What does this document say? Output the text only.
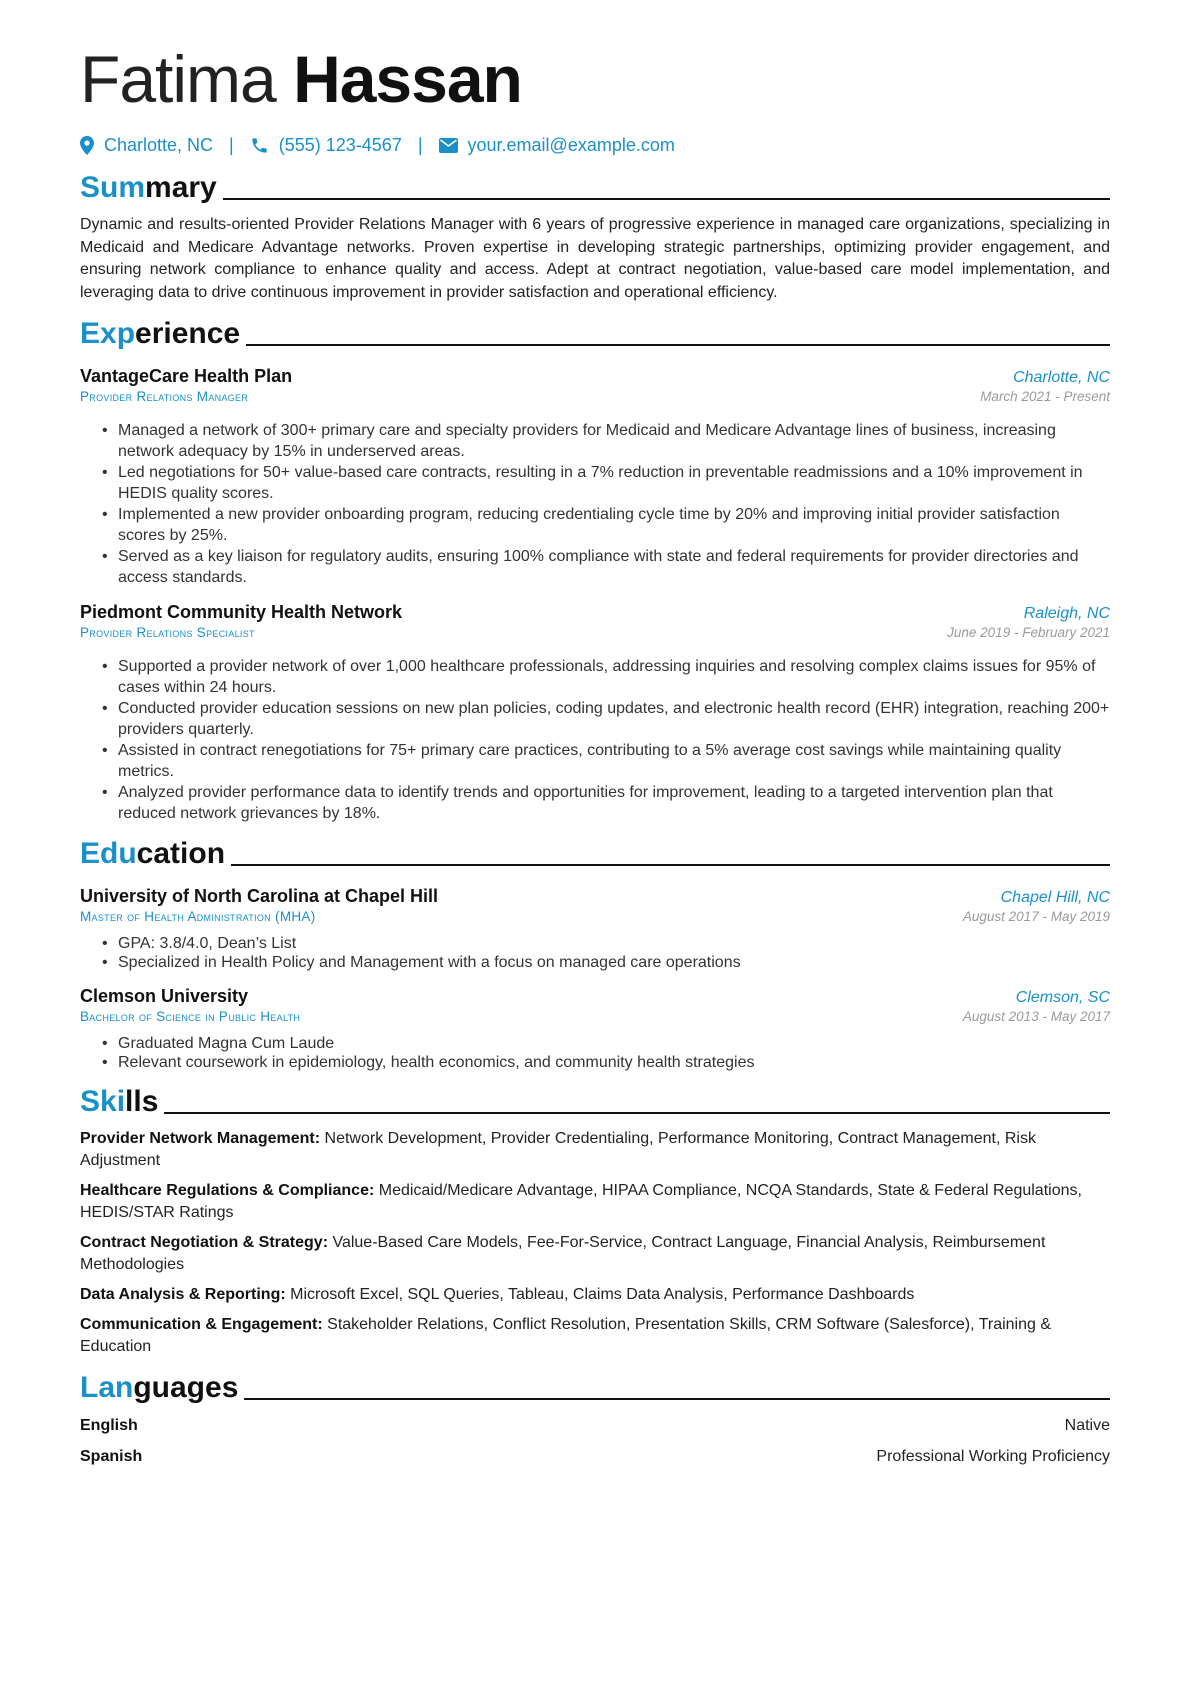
Fatima Hassan
Charlotte, NC |	(555) 123-4567 |	your.email@example.com
Summary
Dynamic and results-oriented Provider Relations Manager with 6 years of progressive experience in managed care organizations, specializing in Medicaid and Medicare Advantage networks. Proven expertise in developing strategic partnerships, optimizing provider engagement, and ensuring network compliance to enhance quality and access. Adept at contract negotiation, value-based care model implementation, and leveraging data to drive continuous improvement in provider satisfaction and operational efficiency.
Experience
VantageCare Health Plan	Charlotte, NC
Provider Relations Manager	March 2021 - Present
• Managed a network of 300+ primary care and specialty providers for Medicaid and Medicare Advantage lines of business, increasing network adequacy by 15% in underserved areas.
• Led negotiations for 50+ value-based care contracts, resulting in a 7% reduction in preventable readmissions and a 10% improvement in HEDIS quality scores.
• Implemented a new provider onboarding program, reducing credentialing cycle time by 20% and improving initial provider satisfaction scores by 25%.
• Served as a key liaison for regulatory audits, ensuring 100% compliance with state and federal requirements for provider directories and access standards.
Piedmont Community Health Network	Raleigh, NC
Provider Relations Specialist	June 2019 - February 2021
• Supported a provider network of over 1,000 healthcare professionals, addressing inquiries and resolving complex claims issues for 95% of cases within 24 hours.
• Conducted provider education sessions on new plan policies, coding updates, and electronic health record (EHR) integration, reaching 200+ providers quarterly.
• Assisted in contract renegotiations for 75+ primary care practices, contributing to a 5% average cost savings while maintaining quality metrics.
• Analyzed provider performance data to identify trends and opportunities for improvement, leading to a targeted intervention plan that reduced network grievances by 18%.
Education
University of North Carolina at Chapel Hill	Chapel Hill, NC
Master of Health Administration (MHA)	August 2017 - May 2019
• GPA: 3.8/4.0, Dean’s List
• Specialized in Health Policy and Management with a focus on managed care operations
Clemson University	Clemson, SC
Bachelor of Science in Public Health	August 2013 - May 2017
• Graduated Magna Cum Laude
• Relevant coursework in epidemiology, health economics, and community health strategies
Skills
Provider Network Management: Network Development, Provider Credentialing, Performance Monitoring, Contract Management, Risk Adjustment
Healthcare Regulations & Compliance: Medicaid/Medicare Advantage, HIPAA Compliance, NCQA Standards, State & Federal Regulations, HEDIS/STAR Ratings
Contract Negotiation & Strategy: Value-Based Care Models, Fee-For-Service, Contract Language, Financial Analysis, Reimbursement Methodologies
Data Analysis & Reporting: Microsoft Excel, SQL Queries, Tableau, Claims Data Analysis, Performance Dashboards
Communication & Engagement: Stakeholder Relations, Conflict Resolution, Presentation Skills, CRM Software (Salesforce), Training & Education
Languages
English	Native
Spanish	Professional Working Proficiency
